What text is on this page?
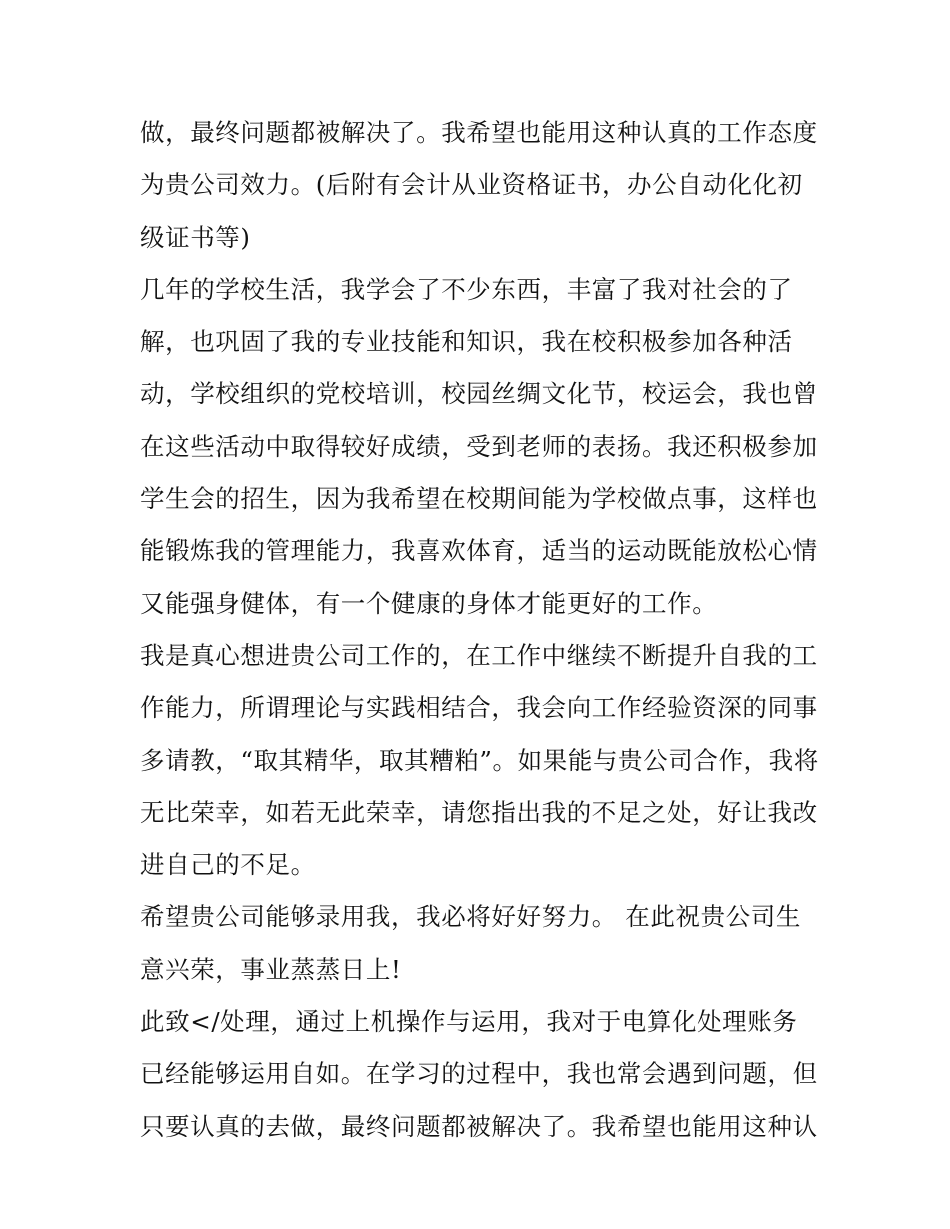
做，最终问题都被解决了。我希望也能用这种认真的工作态度
为贵公司效力。(后附有会计从业资格证书，办公自动化化初
级证书等)
几年的学校生活，我学会了不少东西，丰富了我对社会的了
解，也巩固了我的专业技能和知识，我在校积极参加各种活
动，学校组织的党校培训，校园丝绸文化节，校运会，我也曾
在这些活动中取得较好成绩，受到老师的表扬。我还积极参加
学生会的招生，因为我希望在校期间能为学校做点事，这样也
能锻炼我的管理能力，我喜欢体育，适当的运动既能放松心情
又能强身健体，有一个健康的身体才能更好的工作。
我是真心想进贵公司工作的，在工作中继续不断提升自我的工
作能力，所谓理论与实践相结合，我会向工作经验资深的同事
多请教，“取其精华，取其糟粕”。如果能与贵公司合作，我将
无比荣幸，如若无此荣幸，请您指出我的不足之处，好让我改
进自己的不足。
希望贵公司能够录用我，我必将好好努力。 在此祝贵公司生
意兴荣，事业蒸蒸日上!
此致</处理，通过上机操作与运用，我对于电算化处理账务
已经能够运用自如。在学习的过程中，我也常会遇到问题，但
只要认真的去做，最终问题都被解决了。我希望也能用这种认
